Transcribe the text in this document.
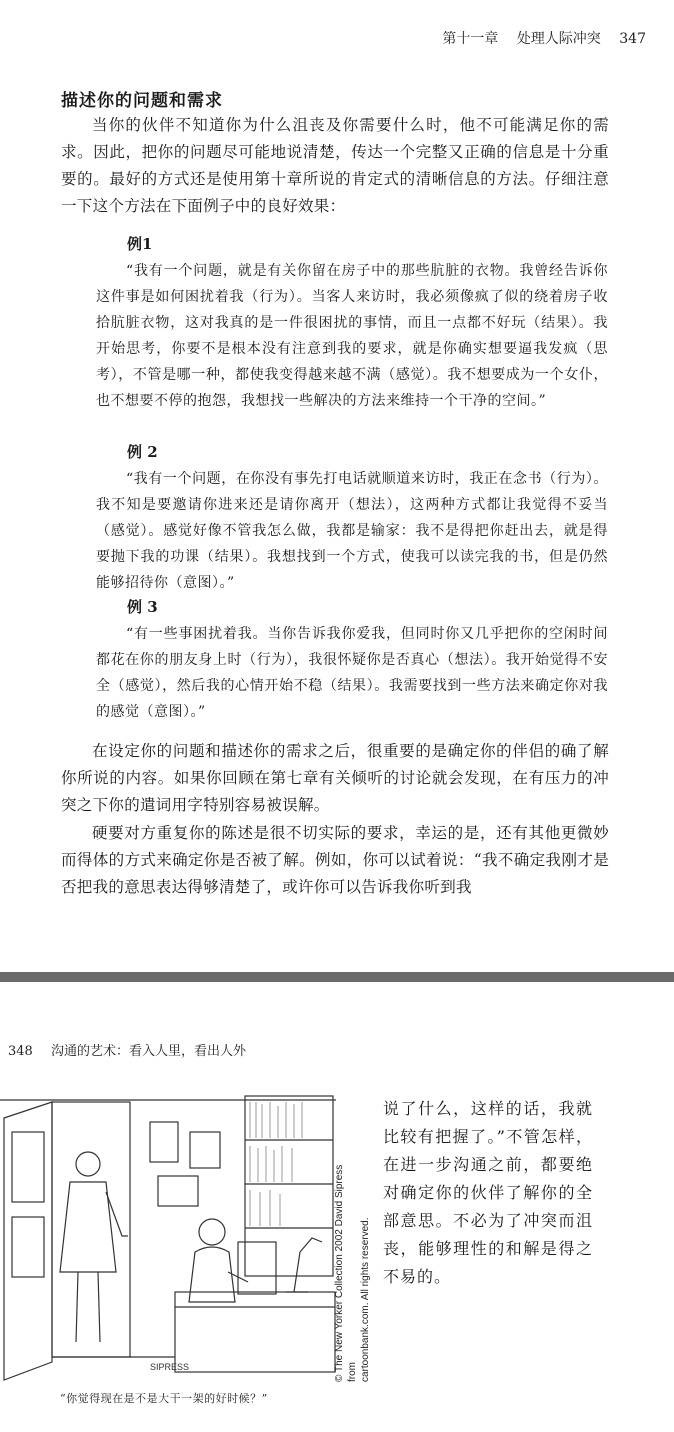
第十一章 处理人际冲突 347
描述你的问题和需求
当你的伙伴不知道你为什么沮丧及你需要什么时，他不可能满足你的需求。因此，把你的问题尽可能地说清楚，传达一个完整又正确的信息是十分重要的。最好的方式还是使用第十章所说的肯定式的清晰信息的方法。仔细注意一下这个方法在下面例子中的良好效果：
例1

“我有一个问题，就是有关你留在房子中的那些肮脏的衣物。我曾经告诉你这件事是如何困扰着我（行为）。当客人来访时，我必须像疯了似的绕着房子收拾肮脏衣物，这对我真的是一件很困扰的事情，而且一点都不好玩（结果）。我开始思考，你要不是根本没有注意到我的要求，就是你确实想要逼我发疯（思考），不管是哪一种，都使我变得越来越不满（感觉）。我不想要成为一个女仆，也不想要不停的抱怨，我想找一些解决的方法来维持一个干净的空间。”

例 2

“我有一个问题，在你没有事先打电话就顺道来访时，我正在念书（行为）。我不知是要邀请你进来还是请你离开（想法），这两种方式都让我觉得不妥当（感觉）。感觉好像不管我怎么做，我都是输家：我不是得把你赶出去，就是得要抛下我的功课（结果）。我想找到一个方式，使我可以读完我的书，但是仍然能够招待你（意图）。”

例 3

“有一些事困扰着我。当你告诉我你爱我，但同时你又几乎把你的空闲时间都花在你的朋友身上时（行为），我很怀疑你是否真心（想法）。我开始觉得不安全（感觉），然后我的心情开始不稳（结果）。我需要找到一些方法来确定你对我的感觉（意图）。”

在设定你的问题和描述你的需求之后，很重要的是确定你的伴侣的确了解你所说的内容。如果你回顾在第七章有关倾听的讨论就会发现，在有压力的冲突之下你的遣词用字特别容易被误解。
硬要对方重复你的陈述是很不切实际的要求，幸运的是，还有其他更微妙而得体的方式来确定你是否被了解。例如，你可以试着说：“我不确定我刚才是否把我的意思表达得够清楚了，或许你可以告诉我你听到我
348 沟通的艺术：看入人里，看出人外
SIPRESS	© The New Yorker Collection 2002 David Sipress from cartoonbank.com. All rights reserved.
“你觉得现在是不是大干一架的好时候？”
说了什么，这样的话，我就比较有把握了。”不管怎样，在进一步沟通之前，都要绝对确定你的伙伴了解你的全部意思。不必为了冲突而沮丧，能够理性的和解是得之不易的。
